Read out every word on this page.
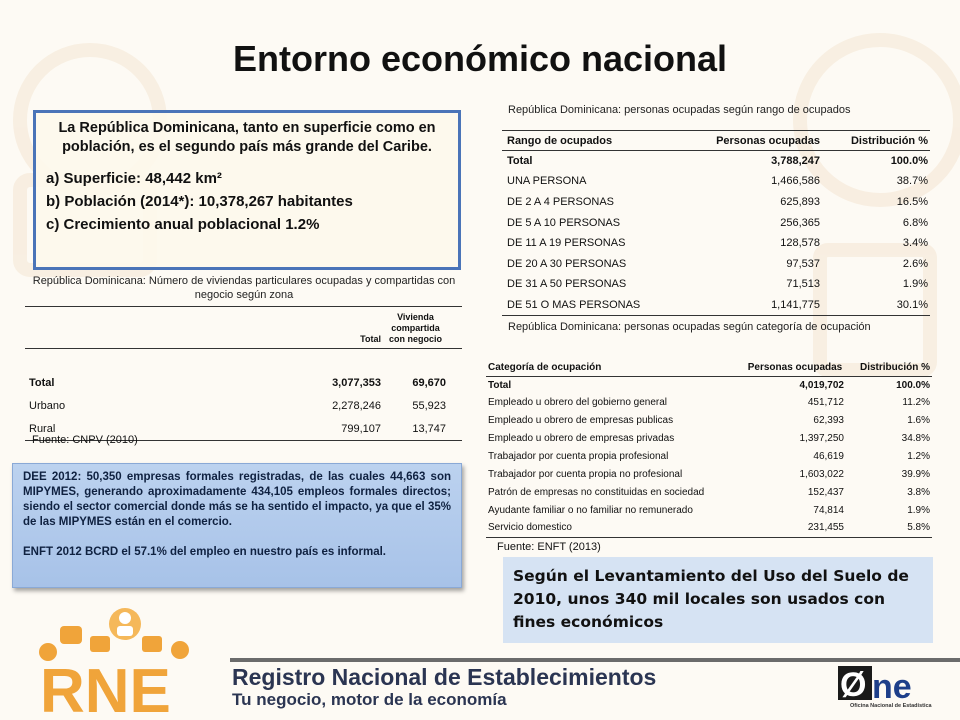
Entorno económico nacional
La República Dominicana, tanto en superficie como en población, es el segundo país más grande del Caribe.
a) Superficie: 48,442 km²
b) Población (2014*): 10,378,267 habitantes
c) Crecimiento anual poblacional 1.2%
República Dominicana: Número de viviendas particulares ocupadas y compartidas con negocio según zona
	Total	Vivienda compartida con negocio

Total	3,077,353	69,670
Urbano	2,278,246	55,923
Rural	799,107	13,747
Fuente: CNPV (2010)

DEE 2012: 50,350 empresas formales registradas, de las cuales 44,663 son MIPYMES, generando aproximadamente 434,105 empleos formales directos; siendo el sector comercial donde más se ha sentido el impacto, ya que el 35% de las MIPYMES están en el comercio.

ENFT 2012 BCRD el 57.1% del empleo en nuestro país es informal.

República Dominicana: personas ocupadas según rango de ocupados
Rango de ocupados	Personas ocupadas	Distribución %
Total	3,788,247	100.0%
UNA PERSONA	1,466,586	38.7%
DE 2 A 4 PERSONAS	625,893	16.5%
DE 5 A 10 PERSONAS	256,365	6.8%
DE 11 A 19 PERSONAS	128,578	3.4%
DE 20 A 30 PERSONAS	97,537	2.6%
DE 31 A 50 PERSONAS	71,513	1.9%
DE 51 O MAS PERSONAS	1,141,775	30.1%
República Dominicana: personas ocupadas según categoría de ocupación
Categoría de ocupación	Personas ocupadas	Distribución %
Total	4,019,702	100.0%
Empleado u obrero del gobierno general	451,712	11.2%
Empleado u obrero de empresas publicas	62,393	1.6%
Empleado u obrero de empresas privadas	1,397,250	34.8%
Trabajador por cuenta propia profesional	46,619	1.2%
Trabajador por cuenta propia no profesional	1,603,022	39.9%
Patrón de empresas no constituidas en sociedad	152,437	3.8%
Ayudante familiar o no familiar no remunerado	74,814	1.9%
Servicio domestico	231,455	5.8%
Fuente: ENFT (2013)
Según el Levantamiento del Uso del Suelo de 2010, unos 340 mil locales son usados con fines económicos
RNE	Registro Nacional de Establecimientos
Tu negocio, motor de la economía	Ø ne
Oficina Nacional de Estadística
